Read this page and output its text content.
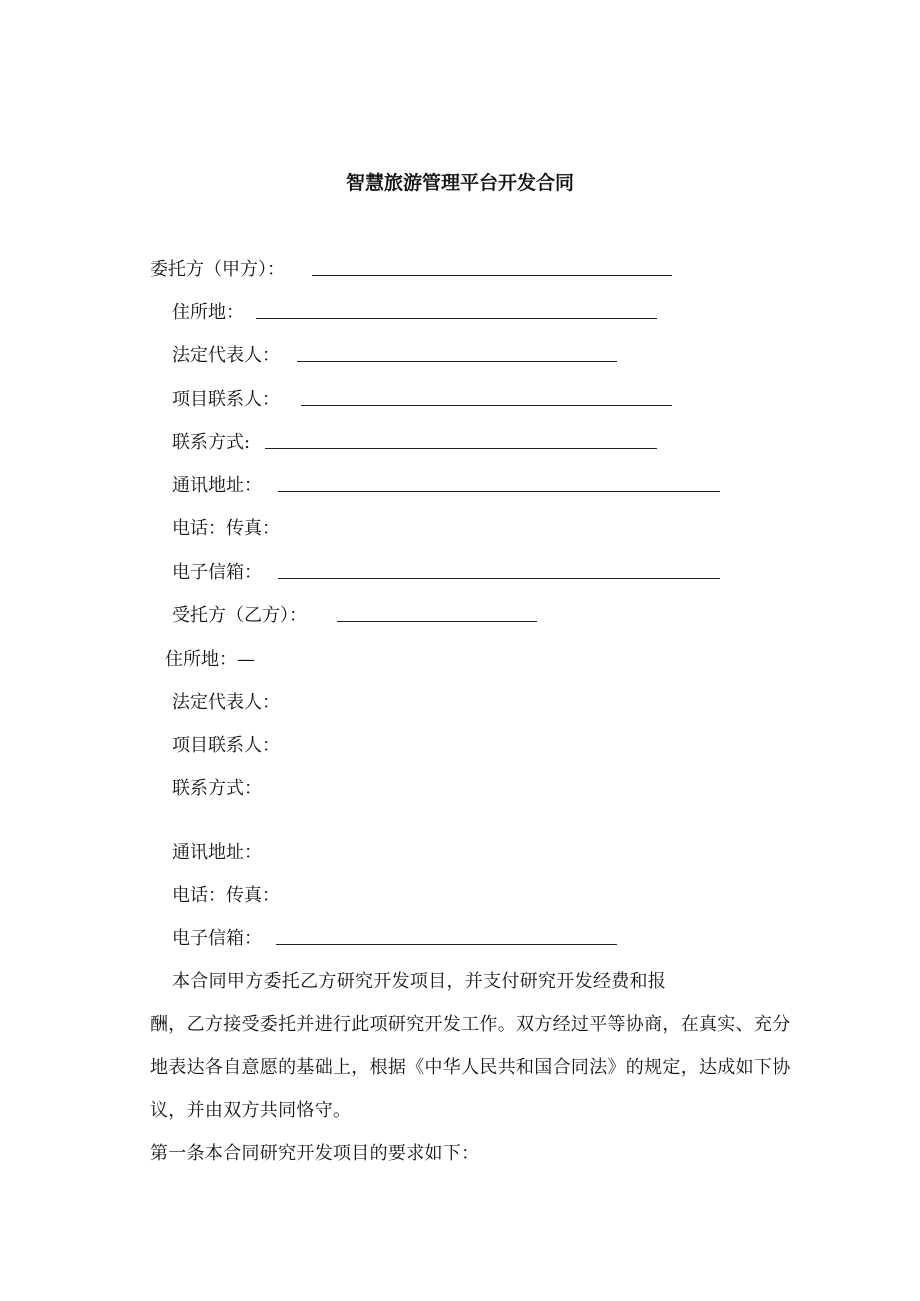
智慧旅游管理平台开发合同
委托方（甲方）：
住所地：
法定代表人：
项目联系人：
联系方式:
通讯地址：
电话：传真：
电子信箱：
受托方（乙方）：
住所地：—
法定代表人：
项目联系人：
联系方式：
通讯地址：
电话：传真：
电子信箱：
本合同甲方委托乙方研究开发项目，并支付研究开发经费和报
酬，乙方接受委托并进行此项研究开发工作。双方经过平等协商，在真实、充分
地表达各自意愿的基础上，根据《中华人民共和国合同法》的规定，达成如下协
议，并由双方共同恪守。
第一条本合同研究开发项目的要求如下：
